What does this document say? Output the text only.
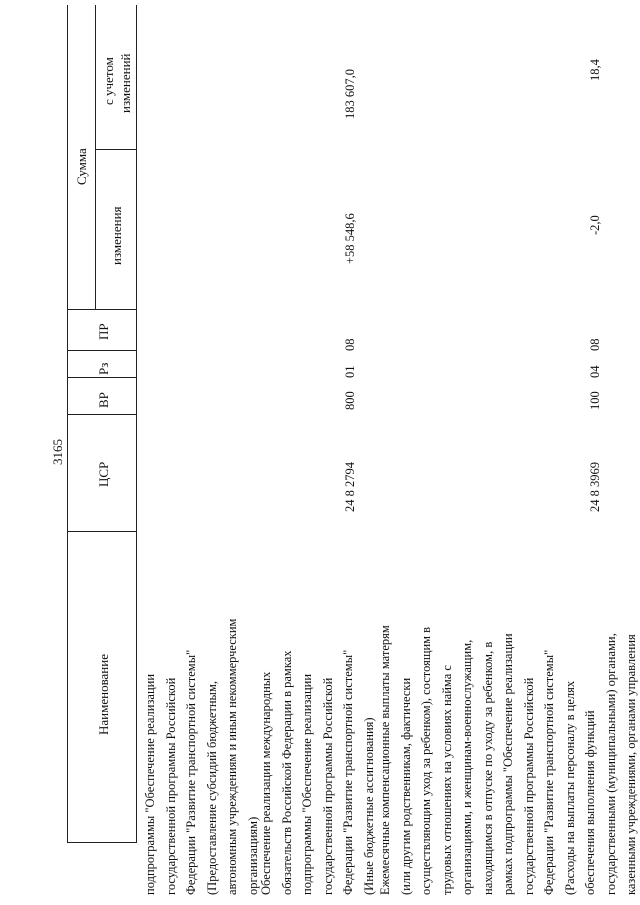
3165
Наименование
ЦСР
ВР
Рз
ПР
Сумма
изменения
с учетом изменений
подпрограммы "Обеспечение реализации государственной программы Российской Федерации "Развитие транспортной системы" (Предоставление субсидий бюджетным, автономным учреждениям и иным некоммерческим организациям)
24 8 2794
800
01
08
+58 548,6
183 607,0
Обеспечение реализации международных обязательств Российской Федерации в рамках подпрограммы "Обеспечение реализации государственной программы Российской Федерации "Развитие транспортной системы" (Иные бюджетные ассигнования) Ежемесячные компенсационные выплаты матерям (или другим родственникам, фактически осуществляющим уход за ребенком), состоящим в трудовых отношениях на условиях найма с организациями, и женщинам-военнослужащим, находящимся в отпуске по уходу за ребенком, в рамках подпрограммы "Обеспечение реализации государственной программы Российской Федерации "Развитие транспортной системы" (Расходы на выплаты персоналу в целях обеспечения выполнения функций государственными (муниципальными) органами, казенными учреждениями, органами управления
24 8 3969
100
04
08
-2,0
18,4
